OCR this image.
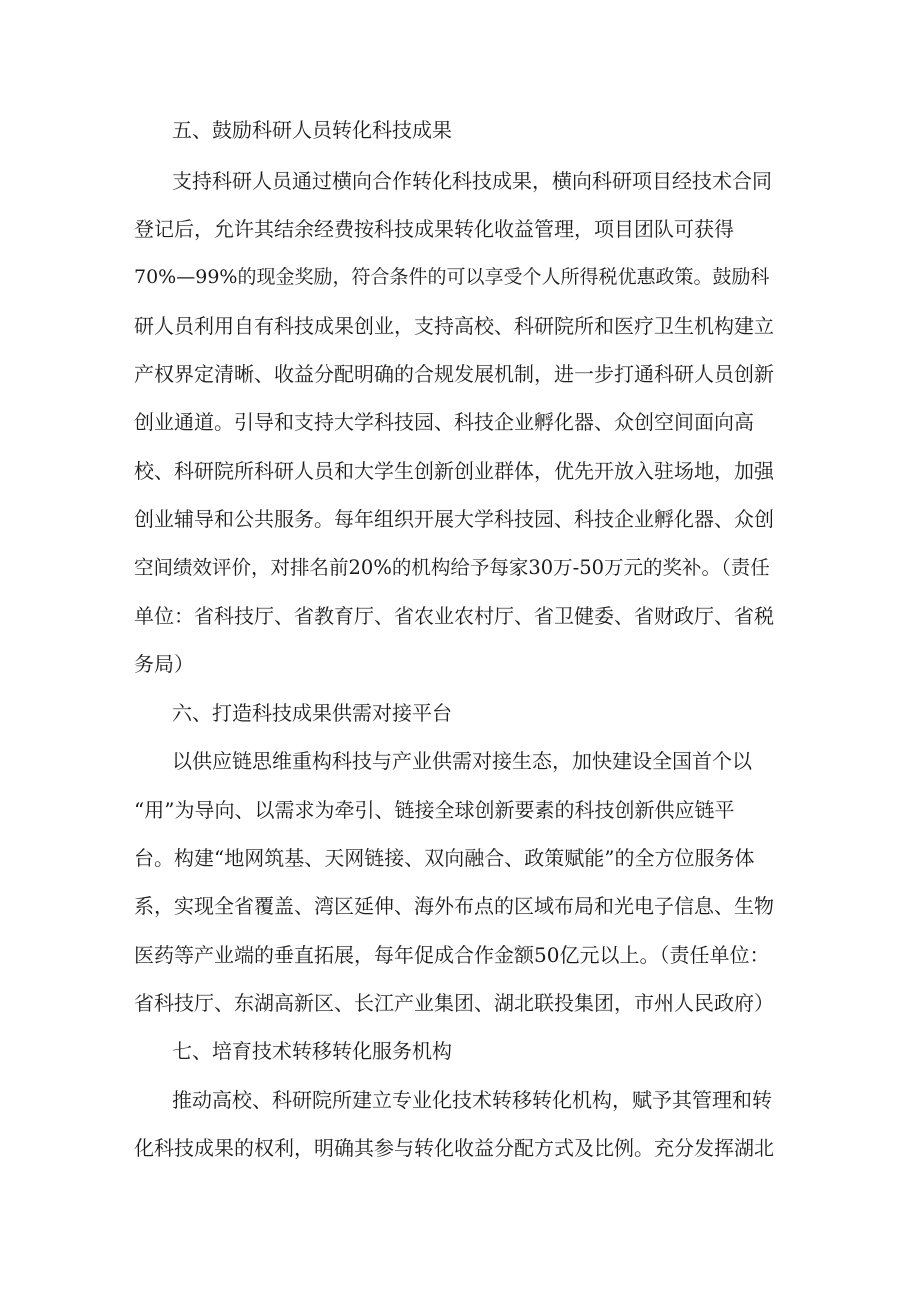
五、鼓励科研人员转化科技成果

支持科研人员通过横向合作转化科技成果，横向科研项目经技术合同

登记后，允许其结余经费按科技成果转化收益管理，项目团队可获得

70%—99%的现金奖励，符合条件的可以享受个人所得税优惠政策。鼓励科

研人员利用自有科技成果创业，支持高校、科研院所和医疗卫生机构建立

产权界定清晰、收益分配明确的合规发展机制，进一步打通科研人员创新

创业通道。引导和支持大学科技园、科技企业孵化器、众创空间面向高

校、科研院所科研人员和大学生创新创业群体，优先开放入驻场地，加强

创业辅导和公共服务。每年组织开展大学科技园、科技企业孵化器、众创

空间绩效评价，对排名前20%的机构给予每家30万-50万元的奖补。（责任

单位：省科技厅、省教育厅、省农业农村厅、省卫健委、省财政厅、省税

务局）

六、打造科技成果供需对接平台

以供应链思维重构科技与产业供需对接生态，加快建设全国首个以

“用”为导向、以需求为牵引、链接全球创新要素的科技创新供应链平

台。构建“地网筑基、天网链接、双向融合、政策赋能”的全方位服务体

系，实现全省覆盖、湾区延伸、海外布点的区域布局和光电子信息、生物

医药等产业端的垂直拓展，每年促成合作金额50亿元以上。（责任单位：

省科技厅、东湖高新区、长江产业集团、湖北联投集团，市州人民政府）

七、培育技术转移转化服务机构

推动高校、科研院所建立专业化技术转移转化机构，赋予其管理和转

化科技成果的权利，明确其参与转化收益分配方式及比例。充分发挥湖北
